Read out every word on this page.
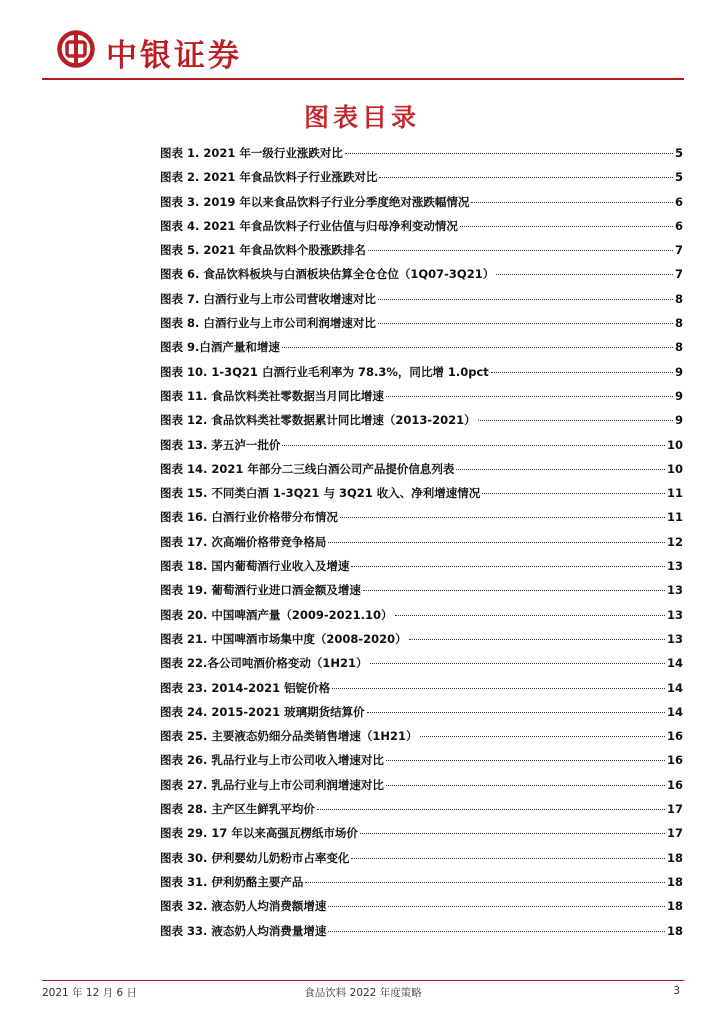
中银证券
图表目录
图表 1. 2021 年一级行业涨跌对比	5
图表 2. 2021 年食品饮料子行业涨跌对比	5
图表 3. 2019 年以来食品饮料子行业分季度绝对涨跌幅情况	6
图表 4. 2021 年食品饮料子行业估值与归母净利变动情况	6
图表 5. 2021 年食品饮料个股涨跌排名	7
图表 6. 食品饮料板块与白酒板块估算全仓仓位（1Q07-3Q21）	7
图表 7. 白酒行业与上市公司营收增速对比	8
图表 8. 白酒行业与上市公司利润增速对比	8
图表 9.白酒产量和增速	8
图表 10. 1-3Q21 白酒行业毛利率为 78.3%，同比增 1.0pct	9
图表 11. 食品饮料类社零数据当月同比增速	9
图表 12. 食品饮料类社零数据累计同比增速（2013-2021）	9
图表 13. 茅五泸一批价	10
图表 14. 2021 年部分二三线白酒公司产品提价信息列表	10
图表 15. 不同类白酒 1-3Q21 与 3Q21 收入、净利增速情况	11
图表 16. 白酒行业价格带分布情况	11
图表 17. 次高端价格带竞争格局	12
图表 18. 国内葡萄酒行业收入及增速	13
图表 19. 葡萄酒行业进口酒金额及增速	13
图表 20. 中国啤酒产量（2009-2021.10）	13
图表 21. 中国啤酒市场集中度（2008-2020）	13
图表 22.各公司吨酒价格变动（1H21）	14
图表 23. 2014-2021 铝锭价格	14
图表 24. 2015-2021 玻璃期货结算价	14
图表 25. 主要液态奶细分品类销售增速（1H21）	16
图表 26. 乳品行业与上市公司收入增速对比	16
图表 27. 乳品行业与上市公司利润增速对比	16
图表 28. 主产区生鲜乳平均价	17
图表 29. 17 年以来高强瓦楞纸市场价	17
图表 30. 伊利婴幼儿奶粉市占率变化	18
图表 31. 伊利奶酪主要产品	18
图表 32. 液态奶人均消费额增速	18
图表 33. 液态奶人均消费量增速	18
2021 年 12 月 6 日	食品饮料 2022 年度策略	3
